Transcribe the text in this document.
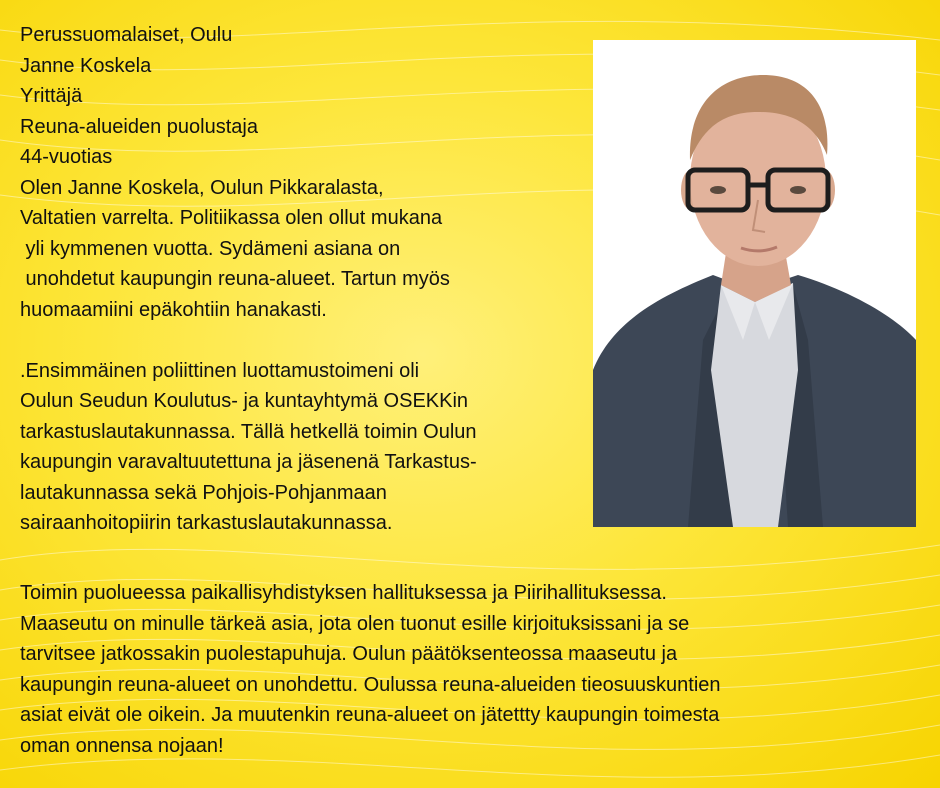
Perussuomalaiset, Oulu

Janne Koskela

Yrittäjä

Reuna-alueiden puolustaja

44-vuotias

Olen Janne Koskela, Oulun Pikkaralasta,

Valtatien varrelta. Politiikassa olen ollut mukana

yli kymmenen vuotta. Sydämeni asiana on

unohdetut kaupungin reuna-alueet. Tartun myös

huomaamiini epäkohtiin hanakasti.

.Ensimmäinen poliittinen luottamustoimeni oli

Oulun Seudun Koulutus- ja kuntayhtymä OSEKKin

tarkastuslautakunnassa. Tällä hetkellä toimin Oulun

kaupungin varavaltuutettuna ja jäsenenä Tarkastus-

lautakunnassa sekä Pohjois-Pohjanmaan

sairaanhoitopiirin tarkastuslautakunnassa.

Toimin puolueessa paikallisyhdistyksen hallituksessa ja Piirihallituksessa.

Maaseutu on minulle tärkeä asia, jota olen tuonut esille kirjoituksissani ja se

tarvitsee jatkossakin puolestapuhuja. Oulun päätöksenteossa maaseutu ja

kaupungin reuna-alueet on unohdettu. Oulussa reuna-alueiden tieosuuskuntien

asiat eivät ole oikein. Ja muutenkin reuna-alueet on jätettty kaupungin toimesta

oman onnensa nojaan!
